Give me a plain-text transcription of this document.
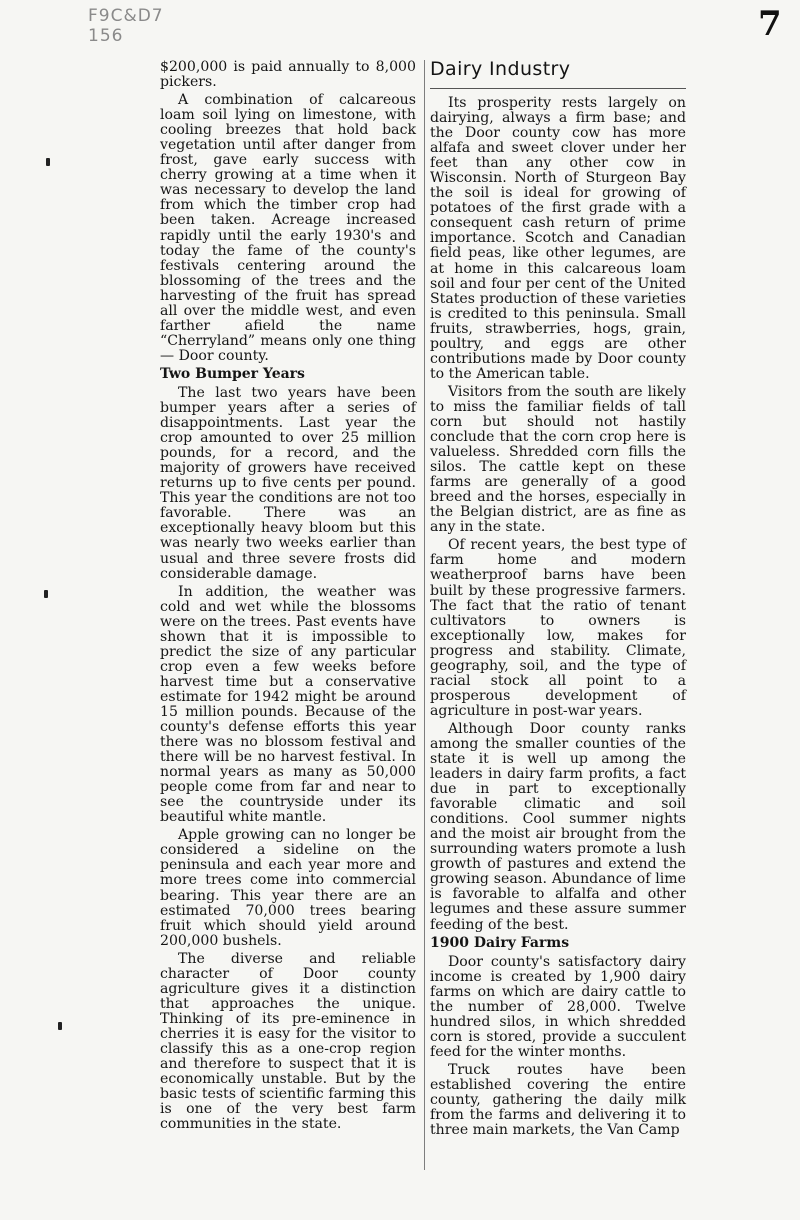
F9C&D7 156	7

$200,000 is paid annually to 8,000 pickers.

A combination of calcareous loam soil lying on limestone, with cooling breezes that hold back vegetation until after danger from frost, gave early success with cherry growing at a time when it was necessary to develop the land from which the timber crop had been taken. Acreage increased rapidly until the early 1930's and today the fame of the county's festivals centering around the blossoming of the trees and the harvesting of the fruit has spread all over the middle west, and even farther afield the name “Cherryland” means only one thing — Door county.

Two Bumper Years

The last two years have been bumper years after a series of disappointments. Last year the crop amounted to over 25 million pounds, for a record, and the majority of growers have received returns up to five cents per pound. This year the conditions are not too favorable. There was an exceptionally heavy bloom but this was nearly two weeks earlier than usual and three severe frosts did considerable damage.

In addition, the weather was cold and wet while the blossoms were on the trees. Past events have shown that it is impossible to predict the size of any particular crop even a few weeks before harvest time but a conservative estimate for 1942 might be around 15 million pounds. Because of the county's defense efforts this year there was no blossom festival and there will be no harvest festival. In normal years as many as 50,000 people come from far and near to see the countryside under its beautiful white mantle.

Apple growing can no longer be considered a sideline on the peninsula and each year more and more trees come into commercial bearing. This year there are an estimated 70,000 trees bearing fruit which should yield around 200,000 bushels.

The diverse and reliable character of Door county agriculture gives it a distinction that approaches the unique. Thinking of its pre-eminence in cherries it is easy for the visitor to classify this as a one-crop region and therefore to suspect that it is economically unstable. But by the basic tests of scientific farming this is one of the very best farm communities in the state.

Dairy Industry

Its prosperity rests largely on dairying, always a firm base; and the Door county cow has more alfafa and sweet clover under her feet than any other cow in Wisconsin. North of Sturgeon Bay the soil is ideal for growing of potatoes of the first grade with a consequent cash return of prime importance. Scotch and Canadian field peas, like other legumes, are at home in this calcareous loam soil and four per cent of the United States production of these varieties is credited to this peninsula. Small fruits, strawberries, hogs, grain, poultry, and eggs are other contributions made by Door county to the American table.

Visitors from the south are likely to miss the familiar fields of tall corn but should not hastily conclude that the corn crop here is valueless. Shredded corn fills the silos. The cattle kept on these farms are generally of a good breed and the horses, especially in the Belgian district, are as fine as any in the state.

Of recent years, the best type of farm home and modern weatherproof barns have been built by these progressive farmers. The fact that the ratio of tenant cultivators to owners is exceptionally low, makes for progress and stability. Climate, geography, soil, and the type of racial stock all point to a prosperous development of agriculture in post-war years.

Although Door county ranks among the smaller counties of the state it is well up among the leaders in dairy farm profits, a fact due in part to exceptionally favorable climatic and soil conditions. Cool summer nights and the moist air brought from the surrounding waters promote a lush growth of pastures and extend the growing season. Abundance of lime is favorable to alfalfa and other legumes and these assure summer feeding of the best.

1900 Dairy Farms

Door county's satisfactory dairy income is created by 1,900 dairy farms on which are dairy cattle to the number of 28,000. Twelve hundred silos, in which shredded corn is stored, provide a succulent feed for the winter months.

Truck routes have been established covering the entire county, gathering the daily milk from the farms and delivering it to three main markets, the Van Camp
